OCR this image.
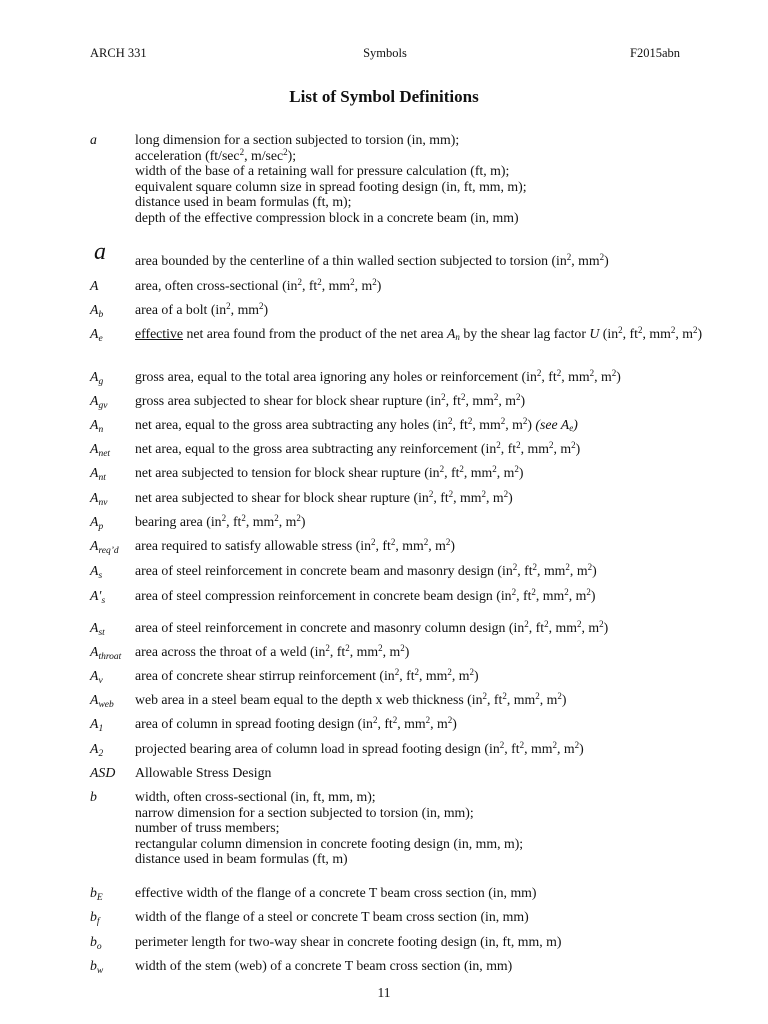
ARCH 331	Symbols	F2015abn
List of Symbol Definitions
a	long dimension for a section subjected to torsion (in, mm);
acceleration ($ft/\sec^2$, $m/\sec^2$);
width of the base of a retaining wall for pressure calculation (ft, m);
equivalent square column size in spread footing design (in, ft, mm, m);
distance used in beam formulas (ft, m);
depth of the effective compression block in a concrete beam (in, mm)
a	area bounded by the centerline of a thin walled section subjected to torsion ($in^2$, $mm^2$)
A	area, often cross-sectional ($in^2$, $ft^2$, $mm^2$, $m^2$)
$A_b$	area of a bolt ($in^2$, $mm^2$)
$A_e$	effective net area found from the product of the net area $A_n$ by the shear lag factor U ($in^2$, $ft^2$, $mm^2$, $m^2$)
$A_g$	gross area, equal to the total area ignoring any holes or reinforcement ($in^2$, $ft^2$, $mm^2$, $m^2$)
$A_{gv}$	gross area subjected to shear for block shear rupture ($in^2$, $ft^2$, $mm^2$, $m^2$)
$A_n$	net area, equal to the gross area subtracting any holes ($in^2$, $ft^2$, $mm^2$, $m^2$) (see $A_e$)
$A_{net}$	net area, equal to the gross area subtracting any reinforcement ($in^2$, $ft^2$, $mm^2$, $m^2$)
$A_{nt}$	net area subjected to tension for block shear rupture ($in^2$, $ft^2$, $mm^2$, $m^2$)
$A_{nv}$	net area subjected to shear for block shear rupture ($in^2$, $ft^2$, $mm^2$, $m^2$)
$A_p$	bearing area ($in^2$, $ft^2$, $mm^2$, $m^2$)
$A_{req’d}$	area required to satisfy allowable stress ($in^2$, $ft^2$, $mm^2$, $m^2$)
$A_s$	area of steel reinforcement in concrete beam and masonry design ($in^2$, $ft^2$, $mm^2$, $m^2$)
$A'_s$	area of steel compression reinforcement in concrete beam design ($in^2$, $ft^2$, $mm^2$, $m^2$)
$A_{st}$	area of steel reinforcement in concrete and masonry column design ($in^2$, $ft^2$, $mm^2$, $m^2$)
$A_{throat}$ area across the throat of a weld ($in^2$, $ft^2$, $mm^2$, $m^2$)
$A_v$	area of concrete shear stirrup reinforcement ($in^2$, $ft^2$, $mm^2$, $m^2$)
$A_{web}$	web area in a steel beam equal to the depth x web thickness ($in^2$, $ft^2$, $mm^2$, $m^2$)
$A_1$	area of column in spread footing design ($in^2$, $ft^2$, $mm^2$, $m^2$)
$A_2$	projected bearing area of column load in spread footing design ($in^2$, $ft^2$, $mm^2$, $m^2$)
ASD	Allowable Stress Design
b	width, often cross-sectional (in, ft, mm, m);
narrow dimension for a section subjected to torsion (in, mm);
number of truss members;
rectangular column dimension in concrete footing design (in, mm, m);
distance used in beam formulas (ft, m)
$b_E$	effective width of the flange of a concrete T beam cross section (in, mm)
$b_f$	width of the flange of a steel or concrete T beam cross section (in, mm)
$b_o$	perimeter length for two-way shear in concrete footing design (in, ft, mm, m)
$b_w$	width of the stem (web) of a concrete T beam cross section (in, mm)
11
